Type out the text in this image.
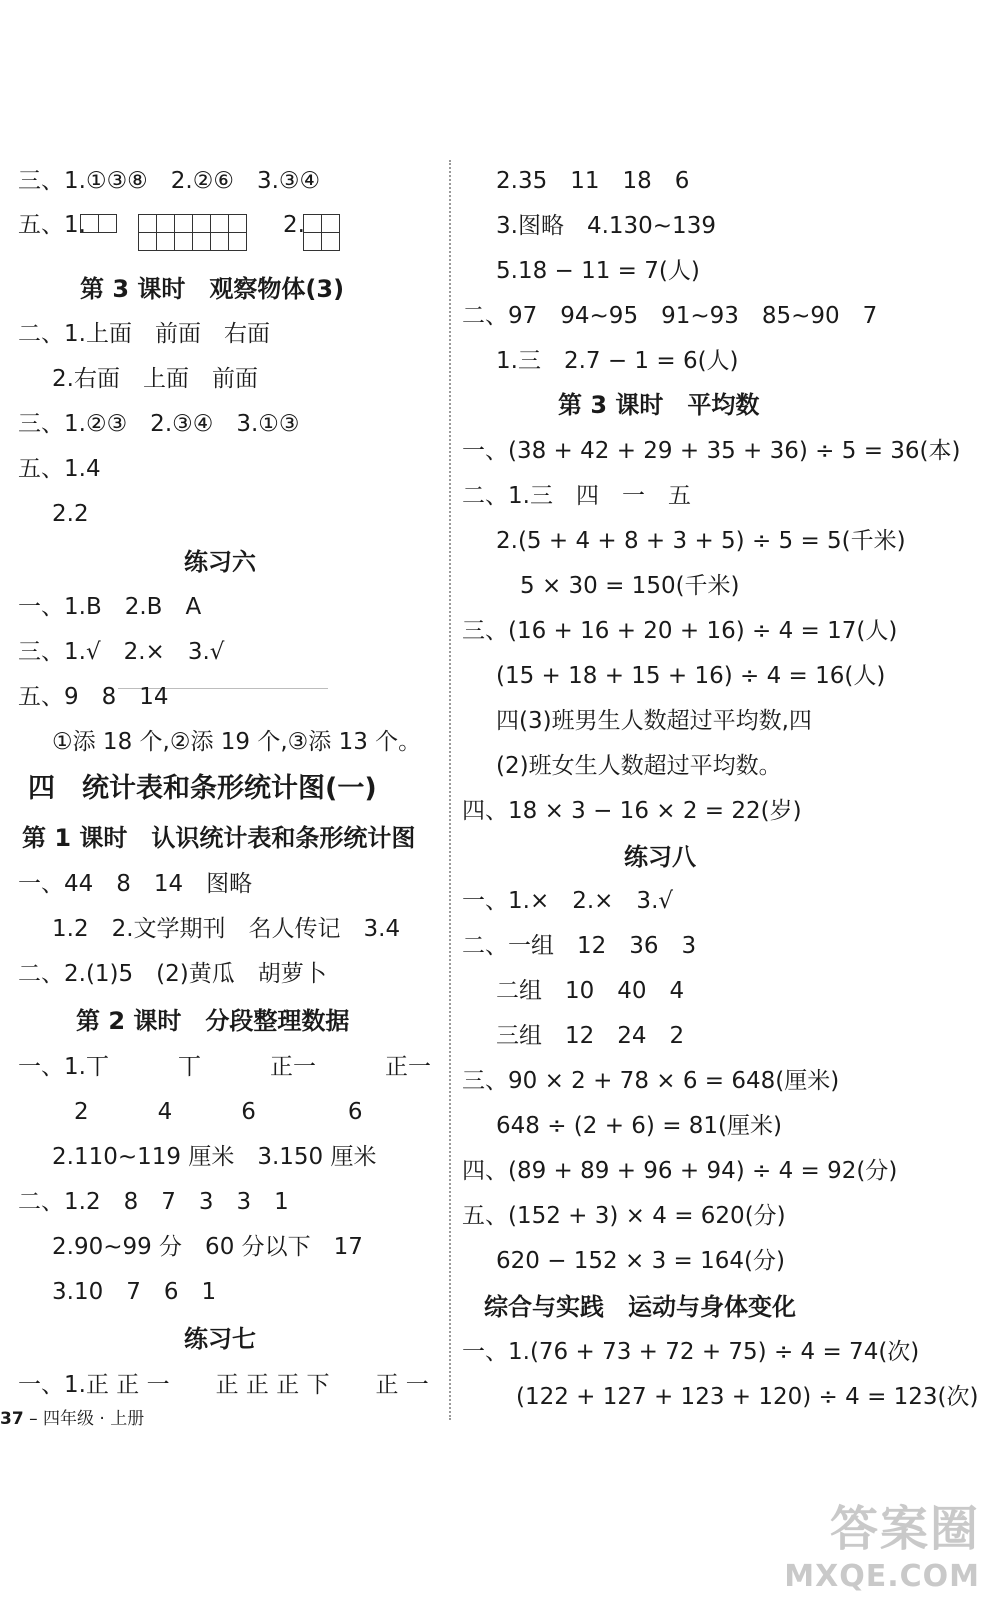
三、1.①③⑧　2.②⑥　3.③④
五、1.

						2.

第 3 课时　观察物体(3)
二、1.上面　前面　右面
2.右面　上面　前面
三、1.②③　2.③④　3.①③
五、1.4
2.2
练习六
一、1.B　2.B　A
三、1.√　2.×　3.√
五、9　8　14
①添 18 个,②添 19 个,③添 13 个。
四　统计表和条形统计图(一)
第 1 课时　认识统计表和条形统计图
一、44　8　14　图略
1.2　2.文学期刊　名人传记　3.4
二、2.(1)5　(2)黄瓜　胡萝卜
第 2 课时　分段整理数据
一、1.丅　　　丅　　　正一　　　正一
2　　　4　　　6　　　　6
2.110~119 厘米　3.150 厘米
二、1.2　8　7　3　3　1
2.90~99 分　60 分以下　17
3.10　7　6　1
练习七
一、1.正 正 一　　正 正 正 下　　正 一
2.35　11　18　6
3.图略　4.130~139
5.18 − 11 = 7(人)
二、97　94~95　91~93　85~90　7
1.三　2.7 − 1 = 6(人)
第 3 课时　平均数
一、(38 + 42 + 29 + 35 + 36) ÷ 5 = 36(本)
二、1.三　四　一　五
2.(5 + 4 + 8 + 3 + 5) ÷ 5 = 5(千米)
5 × 30 = 150(千米)
三、(16 + 16 + 20 + 16) ÷ 4 = 17(人)
(15 + 18 + 15 + 16) ÷ 4 = 16(人)
四(3)班男生人数超过平均数,四
(2)班女生人数超过平均数。
四、18 × 3 − 16 × 2 = 22(岁)
练习八
一、1.×　2.×　3.√
二、一组　12　36　3
二组　10　40　4
三组　12　24　2
三、90 × 2 + 78 × 6 = 648(厘米)
648 ÷ (2 + 6) = 81(厘米)
四、(89 + 89 + 96 + 94) ÷ 4 = 92(分)
五、(152 + 3) × 4 = 620(分)
620 − 152 × 3 = 164(分)
综合与实践　运动与身体变化
一、1.(76 + 73 + 72 + 75) ÷ 4 = 74(次)
(122 + 127 + 123 + 120) ÷ 4 = 123(次)
37 – 四年级 · 上册
答案圈
MXQE.COM
